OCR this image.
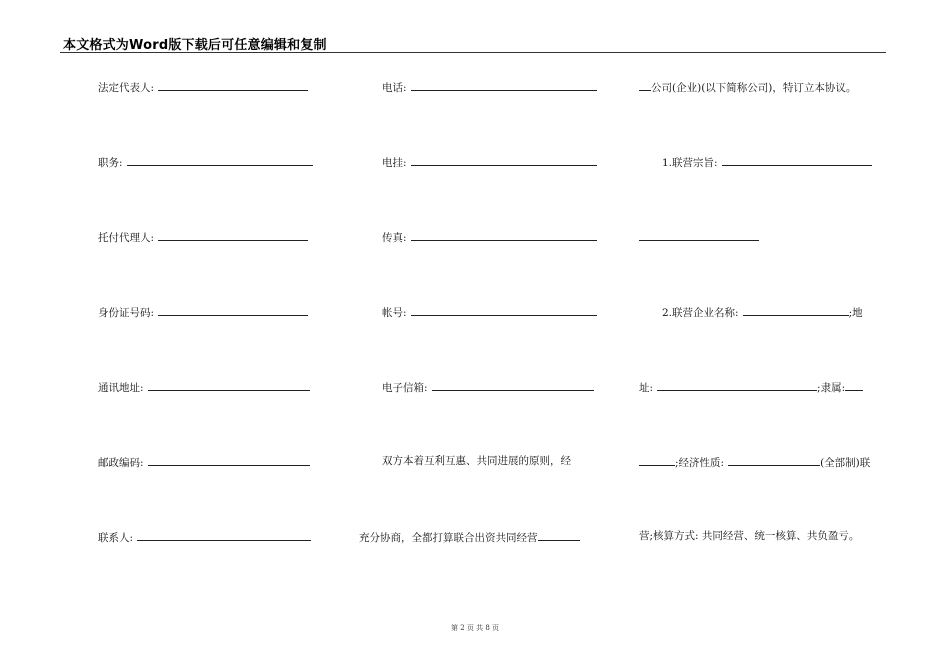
本文格式为Word版下载后可任意编辑和复制
法定代表人:
职务:
托付代理人:
身份证号码:
通讯地址:
邮政编码:
联系人:
电话:
电挂:
传真:
帐号:
电子信箱:
双方本着互利互惠、共同进展的原则，经
充分协商，全都打算联合出资共同经营
公司(企业)(以下简称公司)，特订立本协议。
1.联营宗旨:
2.联营企业名称:	;地
址:	;隶属:
;经济性质:	(全部制)联
营;核算方式: 共同经营、统一核算、共负盈亏。
第 2 页 共 8 页
